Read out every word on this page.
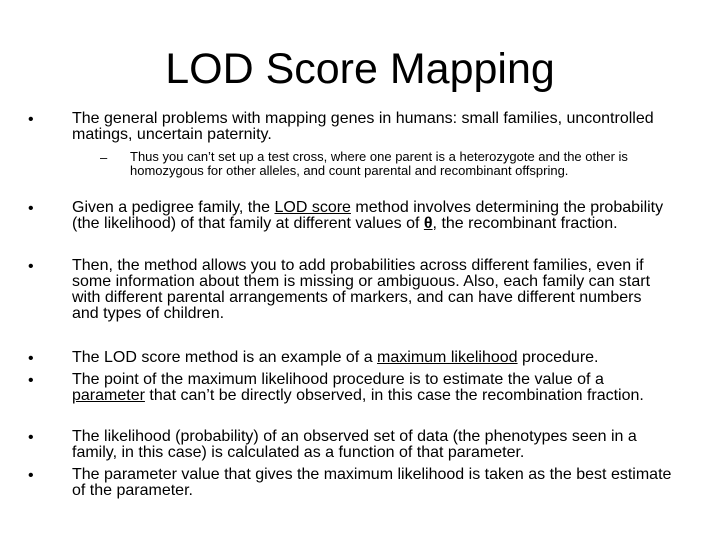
LOD Score Mapping
• The general problems with mapping genes in humans: small families, uncontrolled matings, uncertain paternity.
– Thus you can’t set up a test cross, where one parent is a heterozygote and the other is homozygous for other alleles, and count parental and recombinant offspring.
• Given a pedigree family, the LOD score method involves determining the probability (the likelihood) of that family at different values of θ, the recombinant fraction.
• Then, the method allows you to add probabilities across different families, even if some information about them is missing or ambiguous. Also, each family can start with different parental arrangements of markers, and can have different numbers and types of children.
• The LOD score method is an example of a maximum likelihood procedure.
• The point of the maximum likelihood procedure is to estimate the value of a parameter that can’t be directly observed, in this case the recombination fraction.
• The likelihood (probability) of an observed set of data (the phenotypes seen in a family, in this case) is calculated as a function of that parameter.
• The parameter value that gives the maximum likelihood is taken as the best estimate of the parameter.
